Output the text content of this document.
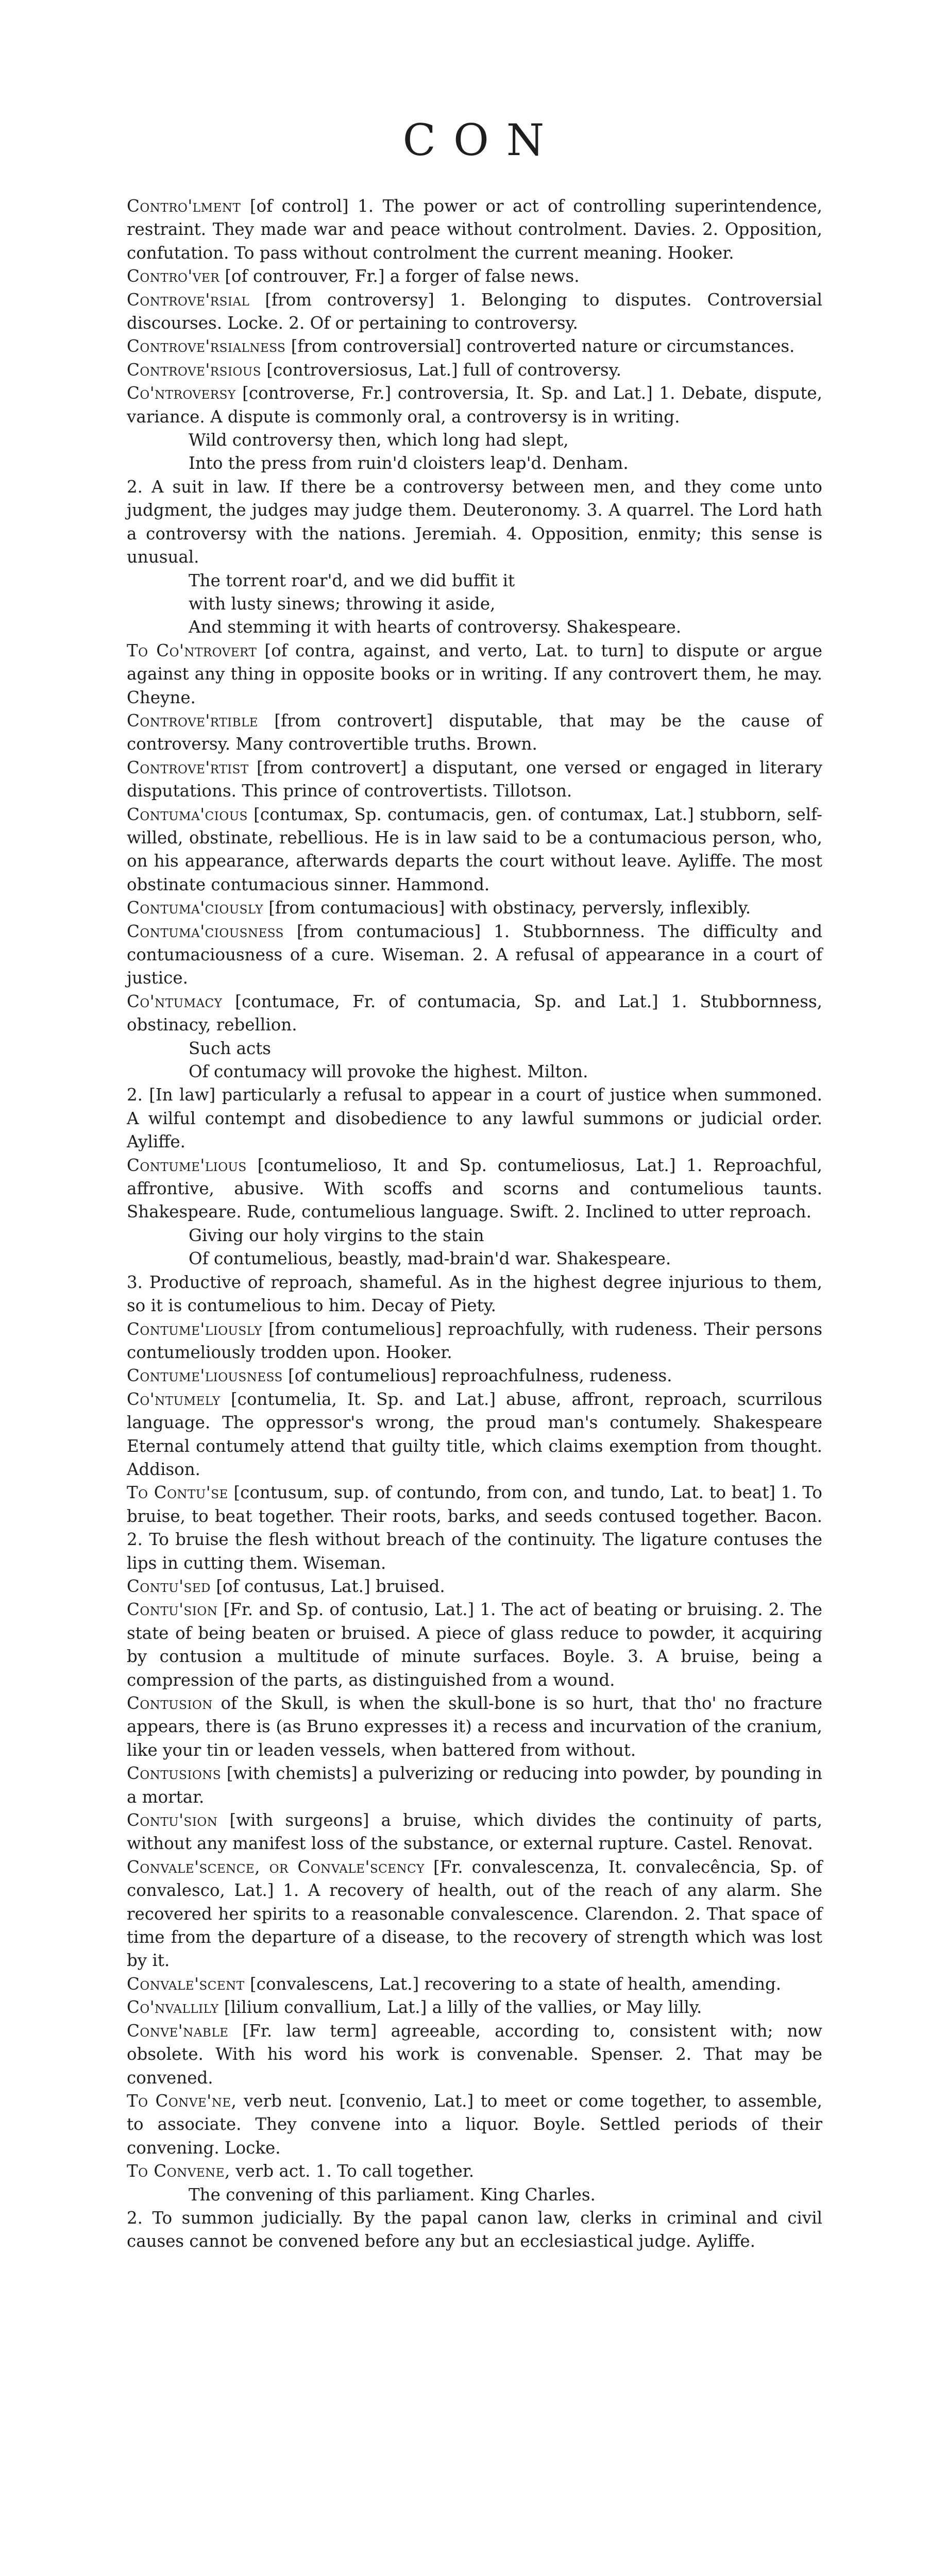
CON
Contro'lment [of control] 1. The power or act of controlling superintendence, restraint. They made war and peace without controlment. Davies. 2. Opposition, confutation. To pass without controlment the current meaning. Hooker.
Contro'ver [of controuver, Fr.] a forger of false news.
Controve'rsial [from controversy] 1. Belonging to disputes. Controversial discourses. Locke. 2. Of or pertaining to controversy.
Controve'rsialness [from controversial] controverted nature or circumstances.
Controve'rsious [controversiosus, Lat.] full of controversy.
Co'ntroversy [controverse, Fr.] controversia, It. Sp. and Lat.] 1. Debate, dispute, variance. A dispute is commonly oral, a controversy is in writing.
Wild controversy then, which long had slept,
Into the press from ruin'd cloisters leap'd. Denham.
2. A suit in law. If there be a controversy between men, and they come unto judgment, the judges may judge them. Deuteronomy. 3. A quarrel. The Lord hath a controversy with the nations. Jeremiah. 4. Opposition, enmity; this sense is unusual.
The torrent roar'd, and we did buffit it
with lusty sinews; throwing it aside,
And stemming it with hearts of controversy. Shakespeare.
To Co'ntrovert [of contra, against, and verto, Lat. to turn] to dispute or argue against any thing in opposite books or in writing. If any controvert them, he may. Cheyne.
Controve'rtible [from controvert] disputable, that may be the cause of controversy. Many controvertible truths. Brown.
Controve'rtist [from controvert] a disputant, one versed or engaged in literary disputations. This prince of controvertists. Tillotson.
Contuma'cious [contumax, Sp. contumacis, gen. of contumax, Lat.] stubborn, self-willed, obstinate, rebellious. He is in law said to be a contumacious person, who, on his appearance, afterwards departs the court without leave. Ayliffe. The most obstinate contumacious sinner. Hammond.
Contuma'ciously [from contumacious] with obstinacy, perversly, inflexibly.
Contuma'ciousness [from contumacious] 1. Stubbornness. The difficulty and contumaciousness of a cure. Wiseman. 2. A refusal of appearance in a court of justice.
Co'ntumacy [contumace, Fr. of contumacia, Sp. and Lat.] 1. Stubbornness, obstinacy, rebellion.
Such acts
Of contumacy will provoke the highest. Milton.
2. [In law] particularly a refusal to appear in a court of justice when summoned. A wilful contempt and disobedience to any lawful summons or judicial order. Ayliffe.
Contume'lious [contumelioso, It and Sp. contumeliosus, Lat.] 1. Reproachful, affrontive, abusive. With scoffs and scorns and contumelious taunts. Shakespeare. Rude, contumelious language. Swift. 2. Inclined to utter reproach.
Giving our holy virgins to the stain
Of contumelious, beastly, mad-brain'd war. Shakespeare.
3. Productive of reproach, shameful. As in the highest degree injurious to them, so it is contumelious to him. Decay of Piety.
Contume'liously [from contumelious] reproachfully, with rudeness. Their persons contumeliously trodden upon. Hooker.
Contume'liousness [of contumelious] reproachfulness, rudeness.
Co'ntumely [contumelia, It. Sp. and Lat.] abuse, affront, reproach, scurrilous language. The oppressor's wrong, the proud man's contumely. Shakespeare Eternal contumely attend that guilty title, which claims exemption from thought. Addison.
To Contu'se [contusum, sup. of contundo, from con, and tundo, Lat. to beat] 1. To bruise, to beat together. Their roots, barks, and seeds contused together. Bacon. 2. To bruise the flesh without breach of the continuity. The ligature contuses the lips in cutting them. Wiseman.
Contu'sed [of contusus, Lat.] bruised.
Contu'sion [Fr. and Sp. of contusio, Lat.] 1. The act of beating or bruising. 2. The state of being beaten or bruised. A piece of glass reduce to powder, it acquiring by contusion a multitude of minute surfaces. Boyle. 3. A bruise, being a compression of the parts, as distinguished from a wound.
Contusion of the Skull, is when the skull-bone is so hurt, that tho' no fracture appears, there is (as Bruno expresses it) a recess and incurvation of the cranium, like your tin or leaden vessels, when battered from without.
Contusions [with chemists] a pulverizing or reducing into powder, by pounding in a mortar.
Contu'sion [with surgeons] a bruise, which divides the continuity of parts, without any manifest loss of the substance, or external rupture. Castel. Renovat.
Convale'scence, or Convale'scency [Fr. convalescenza, It. convalecência, Sp. of convalesco, Lat.] 1. A recovery of health, out of the reach of any alarm. She recovered her spirits to a reasonable convalescence. Clarendon. 2. That space of time from the departure of a disease, to the recovery of strength which was lost by it.
Convale'scent [convalescens, Lat.] recovering to a state of health, amending.
Co'nvallily [lilium convallium, Lat.] a lilly of the vallies, or May lilly.
Conve'nable [Fr. law term] agreeable, according to, consistent with; now obsolete. With his word his work is convenable. Spenser. 2. That may be convened.
To Conve'ne, verb neut. [convenio, Lat.] to meet or come together, to assemble, to associate. They convene into a liquor. Boyle. Settled periods of their convening. Locke.
To Convene, verb act. 1. To call together.
The convening of this parliament. King Charles.
2. To summon judicially. By the papal canon law, clerks in criminal and civil causes cannot be convened before any but an ecclesiastical judge. Ayliffe.
